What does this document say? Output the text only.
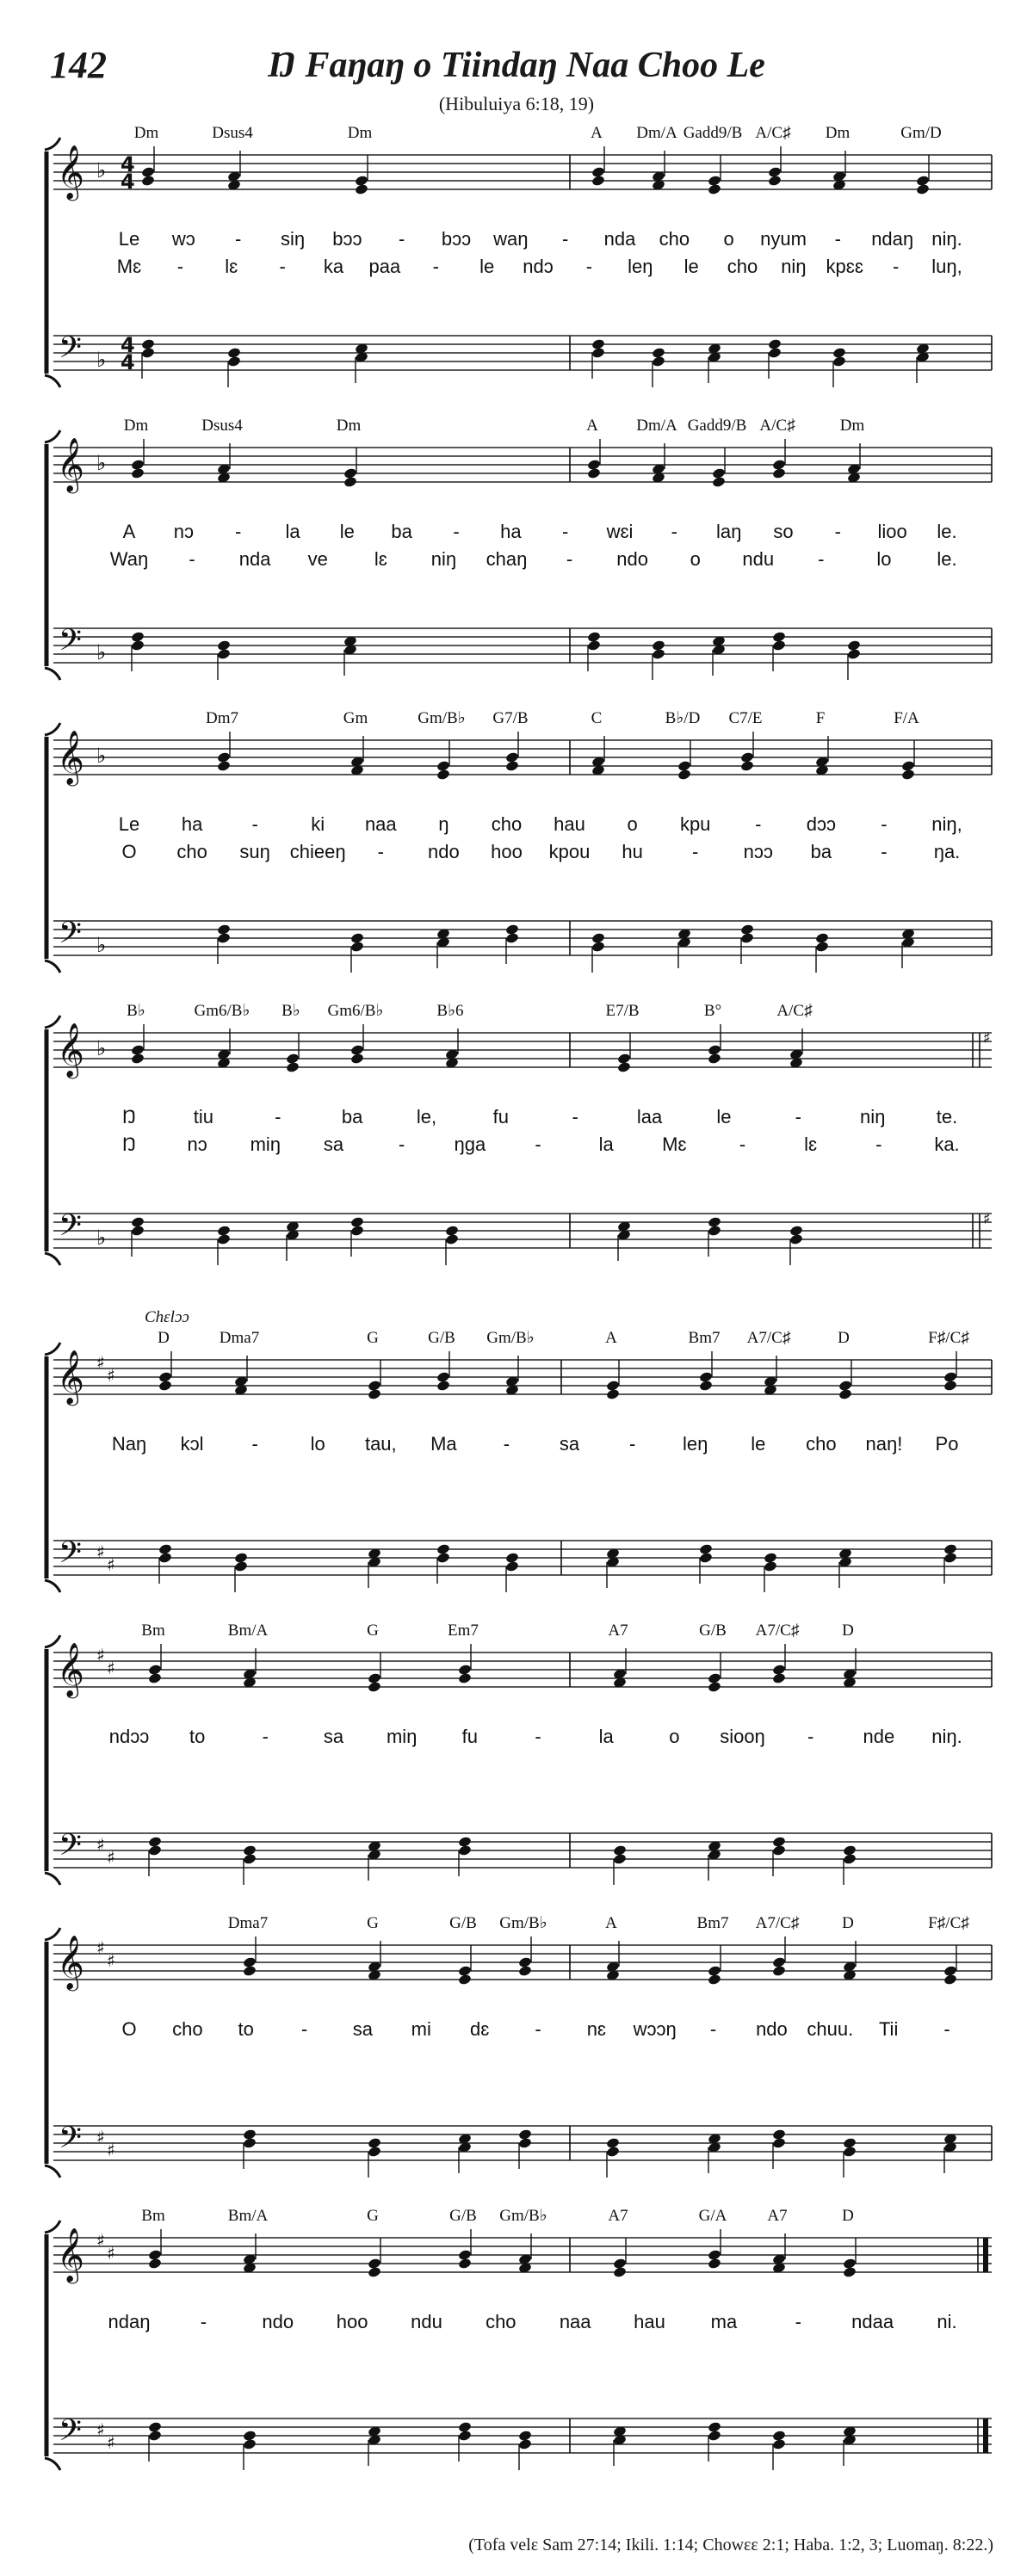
142	Ŋ Faŋaŋ o Tiindaŋ Naa Choo Le
(Hibuluiya 6:18, 19)
𝄞
𝄢
♭
♭
4
4
4
4
Dm	Dsus4	Dm	A Dm/A Gadd9/B A/C♯ Dm	Gm/D
Le wɔ - siŋ bɔɔ - bɔɔ waŋ - nda cho o nyum - ndaŋ niŋ.
Mɛ - lɛ - ka paa - le ndɔ - leŋ le cho niŋ kpɛɛ - luŋ,
𝄞
𝄢
♭
♭
Dm	Dsus4	Dm	A Dm/A Gadd9/B A/C♯	Dm
A nɔ - la le ba - ha - wɛi - laŋ so - lioo le.
Waŋ - nda ve lɛ niŋ chaŋ - ndo o ndu -	lo le.
𝄞
𝄢
♭
♭
Dm7	Gm	Gm/B♭ G7/B	C	B♭/D C7/E	F	F/A
Le ha	-	ki naa ŋ cho hau o kpu - dɔɔ - niŋ,
O cho suŋ chieeŋ - ndo hoo kpou hu	- nɔɔ ba	- ŋa.
𝄞
𝄢
♭
♭
♯
♯
B♭	Gm6/B♭ B♭ Gm6/B♭	B♭6	E7/B	B°	A/C♯
Ŋ	tiu	-	ba	le,	fu	-	laa	le	-	niŋ	te.
Ŋ	nɔ miŋ sa	-	ŋga	-	la	Mɛ	-	lɛ	-	ka.
𝄞
𝄢
♯
♯
♯
♯
Chɛlɔɔ
D	Dma7	G	G/B Gm/B♭	A	Bm7 A7/C♯	D	F♯/C♯
Naŋ kɔl	-	lo tau, Ma -	sa	- leŋ le cho naŋ! Po
𝄞
𝄢
♯
♯
♯
♯
Bm	Bm/A	G	Em7	A7	G/B A7/C♯	D
ndɔɔ to	-	sa miŋ fu	-	la	o siooŋ -	nde niŋ.
𝄞
𝄢
♯
♯
♯
♯
Dma7	G	G/B Gm/B♭	A	Bm7 A7/C♯	D	F♯/C♯
O cho to	- sa mi dɛ - nɛ wɔɔŋ - ndo chuu. Tii -
𝄞
𝄢
♯
♯
♯
♯
Bm	Bm/A	G	G/B Gm/B♭	A7	G/A A7	D
ndaŋ	-	ndo hoo ndu cho naa hau ma	-	ndaa ni.
(Tofa velɛ Sam 27:14; Ikili. 1:14; Chowɛɛ 2:1; Haba. 1:2, 3; Luomaŋ. 8:22.)
